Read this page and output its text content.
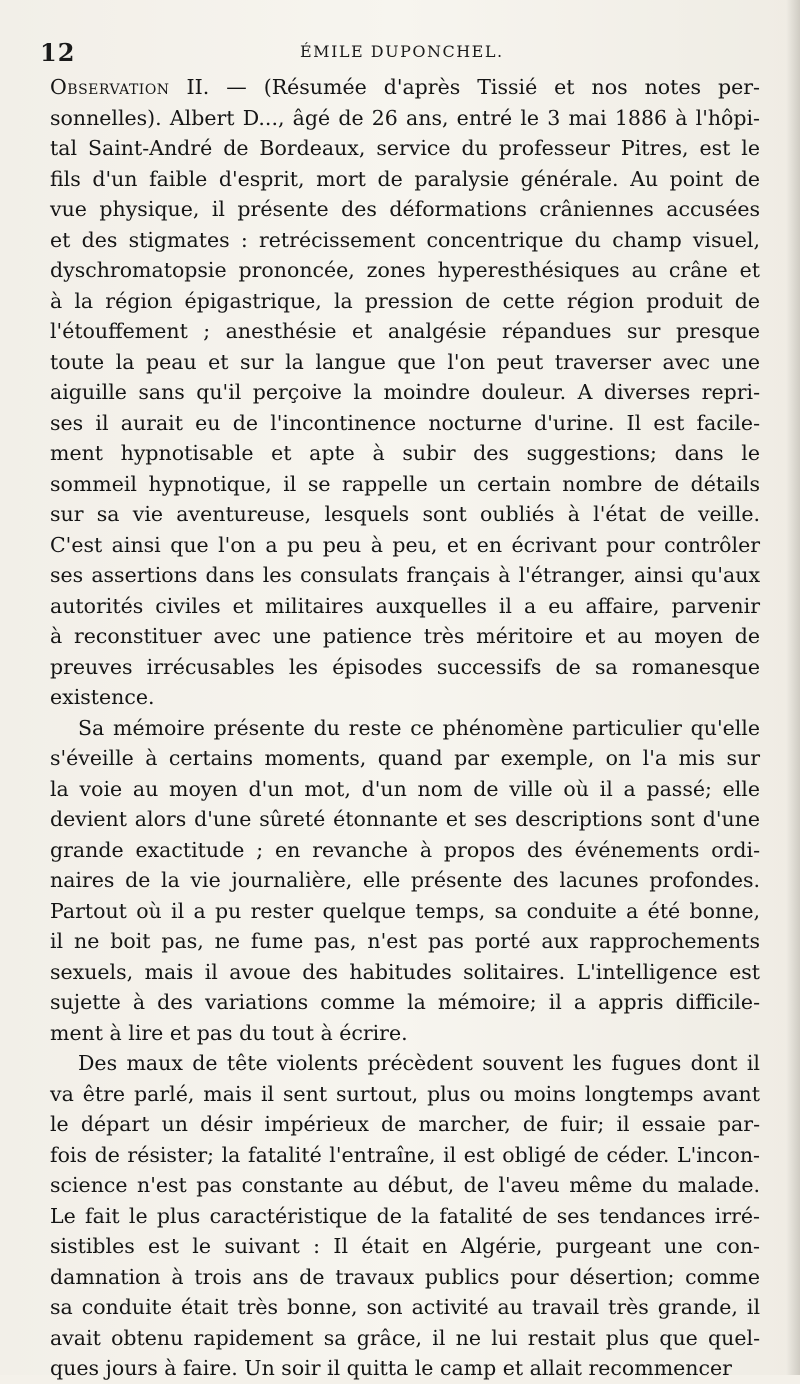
12	ÉMILE DUPONCHEL.
Observation II. — (Résumée d'après Tissié et nos notes per-
sonnelles). Albert D..., âgé de 26 ans, entré le 3 mai 1886 à l'hôpi-
tal Saint-André de Bordeaux, service du professeur Pitres, est le
fils d'un faible d'esprit, mort de paralysie générale. Au point de
vue physique, il présente des déformations crâniennes accusées
et des stigmates : retrécissement concentrique du champ visuel,
dyschromatopsie prononcée, zones hyperesthésiques au crâne et
à la région épigastrique, la pression de cette région produit de
l'étouffement ; anesthésie et analgésie répandues sur presque
toute la peau et sur la langue que l'on peut traverser avec une
aiguille sans qu'il perçoive la moindre douleur. A diverses repri-
ses il aurait eu de l'incontinence nocturne d'urine. Il est facile-
ment hypnotisable et apte à subir des suggestions; dans le
sommeil hypnotique, il se rappelle un certain nombre de détails
sur sa vie aventureuse, lesquels sont oubliés à l'état de veille.
C'est ainsi que l'on a pu peu à peu, et en écrivant pour contrôler
ses assertions dans les consulats français à l'étranger, ainsi qu'aux
autorités civiles et militaires auxquelles il a eu affaire, parvenir
à reconstituer avec une patience très méritoire et au moyen de
preuves irrécusables les épisodes successifs de sa romanesque
existence.
Sa mémoire présente du reste ce phénomène particulier qu'elle
s'éveille à certains moments, quand par exemple, on l'a mis sur
la voie au moyen d'un mot, d'un nom de ville où il a passé; elle
devient alors d'une sûreté étonnante et ses descriptions sont d'une
grande exactitude ; en revanche à propos des événements ordi-
naires de la vie journalière, elle présente des lacunes profondes.
Partout où il a pu rester quelque temps, sa conduite a été bonne,
il ne boit pas, ne fume pas, n'est pas porté aux rapprochements
sexuels, mais il avoue des habitudes solitaires. L'intelligence est
sujette à des variations comme la mémoire; il a appris difficile-
ment à lire et pas du tout à écrire.
Des maux de tête violents précèdent souvent les fugues dont il
va être parlé, mais il sent surtout, plus ou moins longtemps avant
le départ un désir impérieux de marcher, de fuir; il essaie par-
fois de résister; la fatalité l'entraîne, il est obligé de céder. L'incon-
science n'est pas constante au début, de l'aveu même du malade.
Le fait le plus caractéristique de la fatalité de ses tendances irré-
sistibles est le suivant : Il était en Algérie, purgeant une con-
damnation à trois ans de travaux publics pour désertion; comme
sa conduite était très bonne, son activité au travail très grande, il
avait obtenu rapidement sa grâce, il ne lui restait plus que quel-
ques jours à faire. Un soir il quitta le camp et allait recommencer
